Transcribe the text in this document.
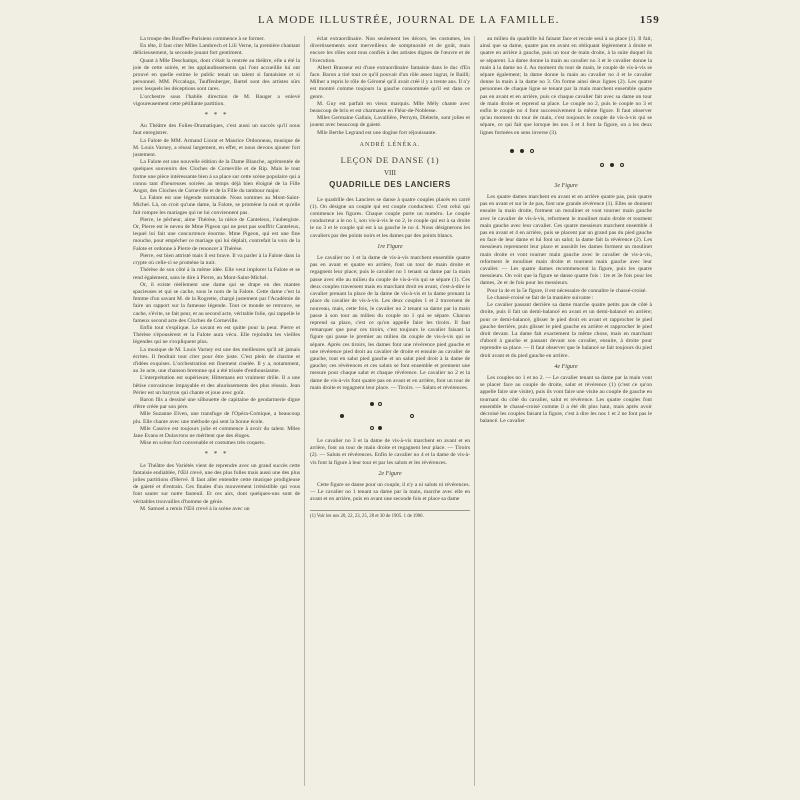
LA MODE ILLUSTRÉE, JOURNAL DE LA FAMILLE.	159

La troupe des Bouffes-Parisiens commence à se former.

En tête, il faut citer Mlles Lambrech et Lili Verne, la première chantant délicieusement, la seconde jouant fort gentiment.

Quant à Mlle Deschamps, dont c'était la rentrée au théâtre, elle a été la joie de cette soirée, et les applaudissements qui l'ont accueillie lui ont prouvé en quelle estime le public tenait un talent si fantaisiste et si personnel. MM. Piccaluga, Tauffenberger, Bartel sont des artistes sûrs avec lesquels les déceptions sont rares.

L'orchestre sous l'habile direction de M. Bauger a enlevé vigoureusement cette pétillante partition.

* * *

Au Théâtre des Folies-Dramatiques, c'est aussi un succès qu'il nous faut enregistrer.

La Falote de MM. Armand Liorat et Maurice Ordonneau, musique de M. Louis Varney, a réussi largement, en effet, et nous devons ajouter fort justement.

La Falote est une nouvelle édition de la Dame Blanche, agrémentée de quelques souvenirs des Cloches de Corneville et de Rip. Mais le tout forme une pièce intéressante bien à sa place sur cette scène populaire qui a connu tant d'heureuses soirées au temps déjà bien éloigné de la Fille Angot, des Cloches de Corneville et de la Fille du tambour major.

La Falote est une légende normande. Nous sommes au Mont-Saint-Michel. Là, on croit qu'une dame, la Falote, se promène la nuit et qu'elle fait rompre les mariages qui ne lui conviennent pas.

Pierre, le pêcheur, aime Thérèse, la nièce de Canteleux, l'aubergiste. Or, Pierre est le neveu de Mme Pigeon qui ne peut pas souffrir Canteleux, lequel lui fait une concurrence énorme. Mme Pigeon, qui est une fine mouche, pour empêcher ce mariage qui lui déplaît, contrefait la voix de la Falote et ordonne à Pierre de renoncer à Thérèse.

Pierre, est bien attristé mais il est brave. Il va parler à la Falote dans la crypte où celle-ci se promène la nuit.

Thérèse de son côté à la même idée. Elle veut implorer la Falote et se rend également, sans le dire à Pierre, au Mont-Saint-Michel.

Or, il existe réellement une dame qui se drape en des mantes spacieuses et qui se cache, sous le nom de la Falote. Cette dame c'est la femme d'un savant M. de la Rogrette, chargé justement par l'Académie de faire un rapport sur la fameuse légende. Tout ce monde se retrouve, se cache, s'évite, se fait peur, et au second acte, véritable folie, qui rappelle le fameux second acte des Cloches de Corneville.

Enfin tout s'explique. Le savant en est quitte pour la peur. Pierre et Thérèse s'épousèrent et la Falote aura vécu. Elle rejoindra les vieilles légendes qui ne s'expliquent plus.

La musique de M. Louis Varney est une des meilleures qu'il ait jamais écrites. Il fendrait tout citer pour être juste. C'est plein de charme et d'idées exquises. L'orchestration est finement ciselée. Il y a, notamment, au 3e acte, une chanson bretonne qui a été trissée d'enthousiasme.

L'interprétation est supérieure; Hittemans est vraiment drôle. Il a une bêtise convaincue impayable et des ahurissements des plus réussis. Jean Périer est un baryton qui chante et joue avec goût.

Baron fils a dessiné une silhouette de capitaine de gendarmerie digne d'être créée par son père.

Mlle Suzanne Elven, une transfuge de l'Opéra-Comique, a beaucoup plu. Elle chante avec une méthode qui sent la bonne école.

Mlle Cassive est toujours jolie et commence à avoir du talent. Mlles Jane Evans et Dulavrons ne méritent que des éloges.

Mise en scène fort convenable et costumes très coquets.

* * *

Le Théâtre des Variétés vient de reprendre avec un grand succès cette fantaisie endiablée, l'Œil crevé, une des plus folles mais aussi une des plus jolies partitions d'Hervé. Il faut aller entendre cette musique prodigieuse de gaieté et d'entrain. Ces finales d'un mouvement irrésistible qui vous font sauter sur notre fauteuil. Et ces airs, dont quelques-uns sont de véritables trouvailles d'homme de génie.

M. Samoel a remis l'Œil crevé à la scène avec un

éclat extraordinaire. Non seulement les décors, les costumes, les divertissements sont merveilleux de somptuosité et de goût, mais encore les rôles sont tous confiés à des artistes dignes de l'œuvre et de l'éxecution.

Albert Brasseur est d'une extraordinaire fantaisie dans le duc d'En face. Baron a tiré tout ce qu'il pouvait d'un rôle assez ingrat, le Bailli; Milher a repris le rôle de Géromé qu'il avait créé il y a trente ans. Il n'y est montré comme toujours la gauche consommée qu'il est dans ce genre.

M. Guy est parfait en vieux marquis. Mlle Mély chante avec beaucoup de brio et est charmante en Fléur-de-Noblesse.

Mlles Germaine Gallais, Lavallière, Pernym, Diéterle, sont jolies et jouent avec beaucoup de gaieté.

Mlle Berthe Legrand est une dogine fort réjouissante.

ANDRÉ LÉNÉKA.
LEÇON DE DANSE (1)
VIII
QUADRILLE DES LANCIERS

Le quadrille des Lanciers se danse à quatre couples placés en carré (1). On désigne un couple qui est couple conducteur. C'est celui qui commence les figures. Chaque couple porte un numéro. Le couple conducteur a le no 1, son vis-à-vis le no 2, le couple qui est à sa droite le no 3 et le couple qui est à sa gauche le no 4. Nous désignerons les cavaliers par des points noirs et les dames par des points blancs.

1re Figure

Le cavalier no 1 et la dame de vis-à-vis marchent ensemble quatre pas en avant et quatre en arrière, font un tour de main droite et regagnent leur place; puis le cavalier no 1 tenant sa dame par la main passe avec elle au milieu du couple de vis-à-vis qui se sépare (1). Ces deux couples traversent mais en marchant droit en avant, c'est-à-dire le cavalier prenant la place de la dame de vis-à-vis et la dame prenant la place du cavalier de vis-à-vis. Les deux couples 1 et 2 traversent de nouveau, mais, cette fois, le cavalier no 2 tenant sa dame par la main passe à son tour au milieu du couple no 1 qui se sépare. Chacun reprend sa place, c'est ce qu'on appelle faire les tiroirs. Il faut remarquer que pour ces tiroirs, c'est toujours le cavalier faisant la figure qui passe le premier au milieu du couple de vis-à-vis qui se sépare. Après ces tiroirs, les dames font une révérence pied gauche et une révérence pied droit au cavalier de droite et ensuite au cavalier de gauche, tout en salut pied gauche et un salut pied droit à la dame de gauche; ces révérences et ces saluts se font ensemble et prennent une mesure pour chaque salut et chaque révérence. Le cavalier no 2 et la dame de vis-à-vis font quatre pas en avant et en arrière, font un tour de main droite et regagnent leur place. — Tiroirs. — Saluts et révérences.

Le cavalier no 3 et la dame de vis-à-vis marchent en avant et en arrière, font un tour de main droite et regagnent leur place. — Tiroirs (2). — Saluts et révérences. Enfin le cavalier no 4 et la dame de vis-à-vis font la figure à leur tour et par les saluts et les révérences.

2e Figure

Cette figure se danse pour un couple, il n'y a ni saluts ni révérences. — Le cavalier no 1 tenant sa dame par la main, marche avec elle en avant et en arrière, puis en avant une seconde fois et place sa dame

(1) Voir les nos 20, 22, 23, 25, 28 et 30 de 1905. 1 de 1906.

au milieu du quadrille lui faisant face et recule seul à sa place (1). Il fait, ainsi que sa dame, quatre pas en avant en obliquant légèrement à droite et quatre en arrière à gauche, puis un tour de main droite, à la suite duquel ils se séparent. La dame donne la main au cavalier no 3 et le cavalier donne la main à la dame no 4. Au moment du tour de main, le couple de vis-à-vis se sépare également; la dame donne la main au cavalier no 4 et le cavalier donne la main à la dame no 3. On forme ainsi deux lignes (2). Les quatre personnes de chaque ligne se tenant par la main marchent ensemble quatre pas en avant et en arrière, puis ce chaque cavalier fait avec sa dame un tour de main droite et reprend sa place. Le couple no 2, puis le couple no 3 et enfin le couple no 4 font successivement la même figure. Il faut observer qu'au moment du tour de main, c'est toujours le couple de vis-à-vis qui se sépare, ce qui fait que lorsque les nos 3 et 4 font la figure, on a les deux lignes formées en sens inverse (3).

3e Figure

Les quatre dames marchent en avant et en arrière quatre pas, puis quatre pas en avant et sur le 4e pas, font une grande révérence (1). Elles se donnent ensuite la main droite, forment un moulinet et vont tourner main gauche avec le cavalier de vis-à-vis, reforment le moulinet main droite et tournent main gauche avec leur cavalier. Ces quatre messieurs marchent ensemble 4 pas en avant et 4 en arrière, puis se placent par un grand pas du pied gauche en face de leur dame et lui font un salut; la dame fait la révérence (2). Les messieurs reprennent leur place et aussitôt les dames forment un moulinet main droite et vont tourner main gauche avec le cavalier de vis-à-vis, reforment le moulinet main droite et tournent main gauche avec leur cavalier. — Les quatre dames recommencent la figure, puis les quatre messieurs. On voit que la figure se danse quatre fois : 1re et 3e fois pour les dames, 2e et 4e fois pour les messieurs.

Pour la 4e et la 5e figure, il est nécessaire de connaître le chassé-croisé.

Le chassé-croisé se fait de la manière suivante :

Le cavalier passant derrière sa dame marche quatre petits pas de côté à droite, puis il fait un demi-balancé en avant et un demi-balancé en arrière; pour ce demi-balancé, glisser le pied droit en avant et rapprocher le pied gauche derrière, puis glisser le pied gauche en arrière et rapprocher le pied droit devant. La dame fait exactement la même chose, mais en marchant d'abord à gauche et passant devant son cavalier, ensuite, à droite pour reprendre sa place. — Il faut observer que le balancé se fait toujours du pied droit avant et du pied gauche en arrière.

4e Figure

Les couples no 1 et no 2. — Le cavalier tenant sa dame par la main vont se placer face au couple de droite, salut et révérence (1) (c'est ce qu'on appelle faire une visite), puis ils vont faire une visite au couple de gauche en tournant du côté du cavalier, salut et révérence. Les quatre couples font ensemble le chassé-croisé comme il a été dit plus haut, mais après avoir décroisé les couples faisant la figure, c'est à dire les nos 1 et 2 ne font pas le balancé. Le cavalier
